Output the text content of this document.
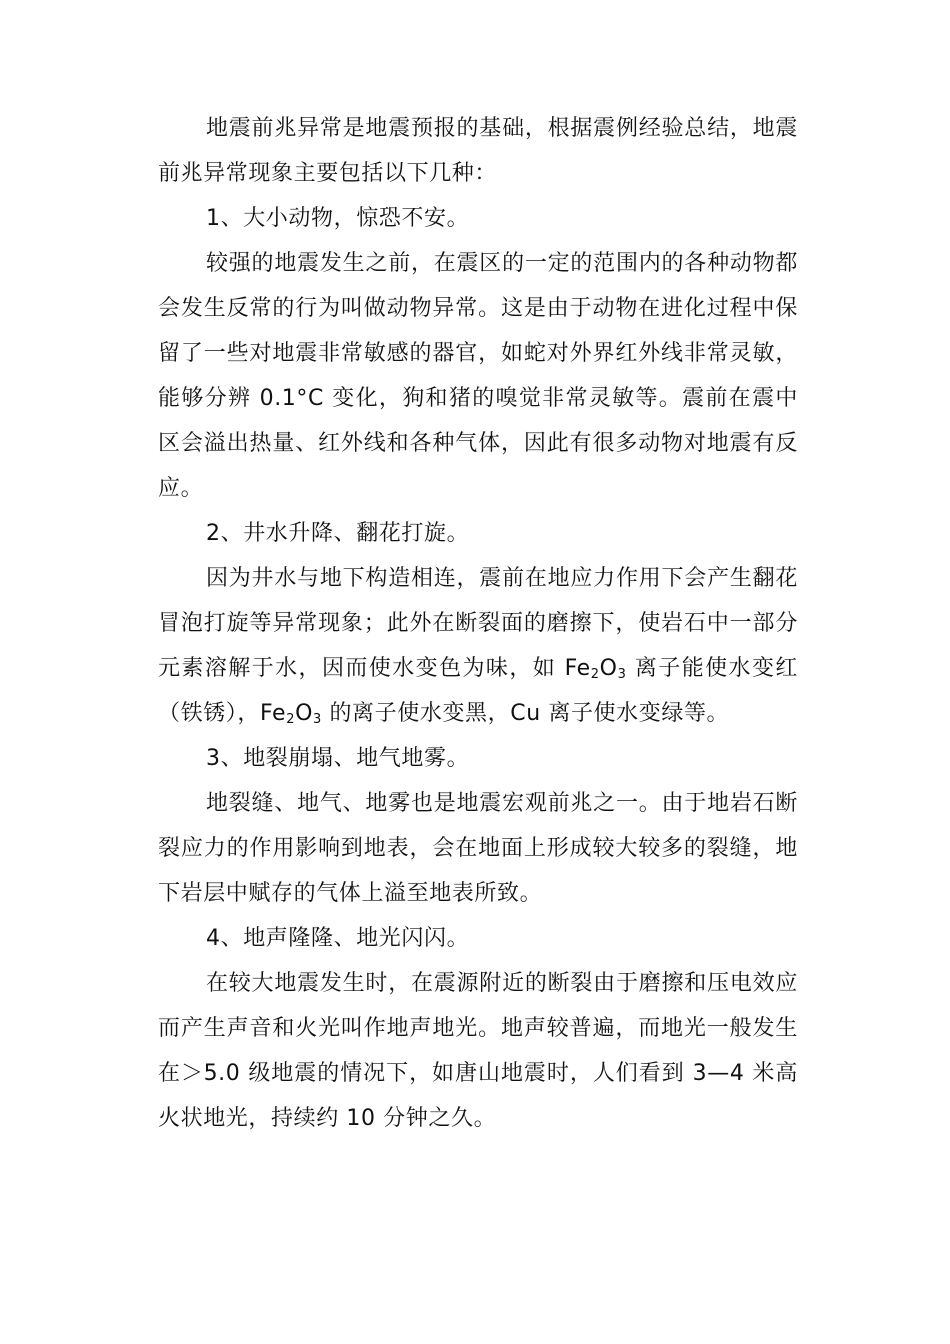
地震前兆异常是地震预报的基础，根据震例经验总结，地震前兆异常现象主要包括以下几种：

1、大小动物，惊恐不安。

较强的地震发生之前，在震区的一定的范围内的各种动物都会发生反常的行为叫做动物异常。这是由于动物在进化过程中保留了一些对地震非常敏感的器官，如蛇对外界红外线非常灵敏，能够分辨 0.1°C 变化，狗和猪的嗅觉非常灵敏等。震前在震中区会溢出热量、红外线和各种气体，因此有很多动物对地震有反应。

2、井水升降、翻花打旋。

因为井水与地下构造相连，震前在地应力作用下会产生翻花冒泡打旋等异常现象；此外在断裂面的磨擦下，使岩石中一部分元素溶解于水，因而使水变色为味，如 $Fe_2O_3$ 离子能使水变红（铁锈），$Fe_2O_3$ 的离子使水变黑，Cu 离子使水变绿等。

3、地裂崩塌、地气地雾。

地裂缝、地气、地雾也是地震宏观前兆之一。由于地岩石断裂应力的作用影响到地表，会在地面上形成较大较多的裂缝，地下岩层中赋存的气体上溢至地表所致。

4、地声隆隆、地光闪闪。

在较大地震发生时，在震源附近的断裂由于磨擦和压电效应而产生声音和火光叫作地声地光。地声较普遍，而地光一般发生在＞5.0 级地震的情况下，如唐山地震时，人们看到 3—4 米高火状地光，持续约 10 分钟之久。
